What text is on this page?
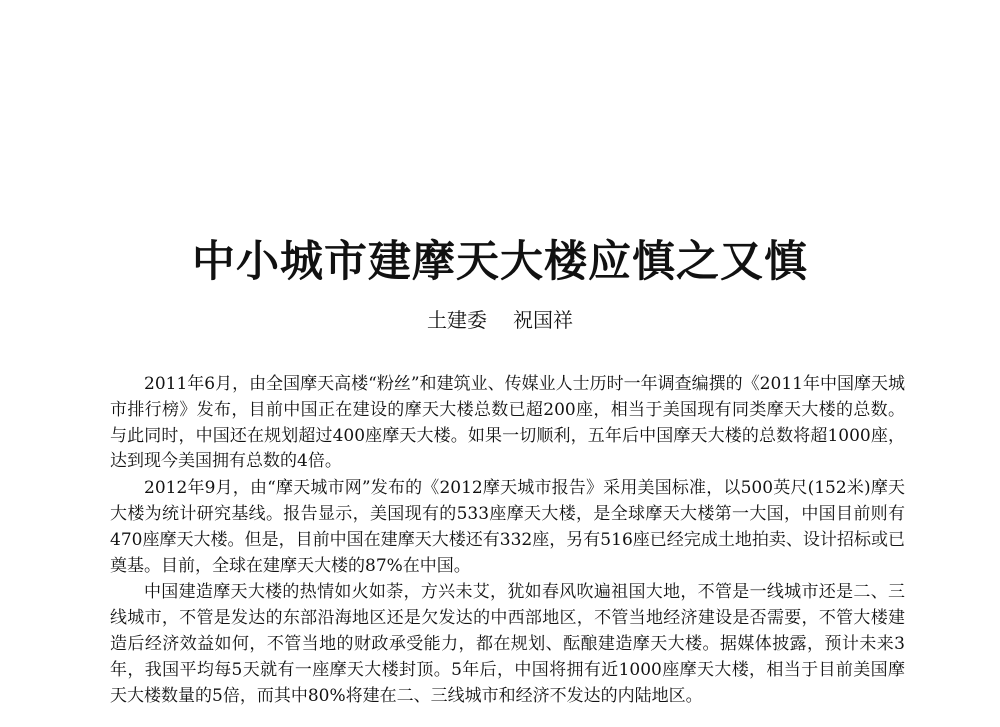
中小城市建摩天大楼应慎之又慎
土建委 祝国祥

2011年6月，由全国摩天高楼“粉丝”和建筑业、传媒业人士历时一年调查编撰的《2011年中国摩天城市排行榜》发布，目前中国正在建设的摩天大楼总数已超200座，相当于美国现有同类摩天大楼的总数。与此同时，中国还在规划超过400座摩天大楼。如果一切顺利，五年后中国摩天大楼的总数将超1000座，达到现今美国拥有总数的4倍。

2012年9月，由“摩天城市网”发布的《2012摩天城市报告》采用美国标准，以500英尺(152米)摩天大楼为统计研究基线。报告显示，美国现有的533座摩天大楼，是全球摩天大楼第一大国，中国目前则有470座摩天大楼。但是，目前中国在建摩天大楼还有332座，另有516座已经完成土地拍卖、设计招标或已奠基。目前，全球在建摩天大楼的87%在中国。

中国建造摩天大楼的热情如火如荼，方兴未艾，犹如春风吹遍祖国大地，不管是一线城市还是二、三线城市，不管是发达的东部沿海地区还是欠发达的中西部地区，不管当地经济建设是否需要，不管大楼建造后经济效益如何，不管当地的财政承受能力，都在规划、酝酿建造摩天大楼。据媒体披露，预计未来3年，我国平均每5天就有一座摩天大楼封顶。5年后，中国将拥有近1000座摩天大楼，相当于目前美国摩天大楼数量的5倍，而其中80%将建在二、三线城市和经济不发达的内陆地区。
